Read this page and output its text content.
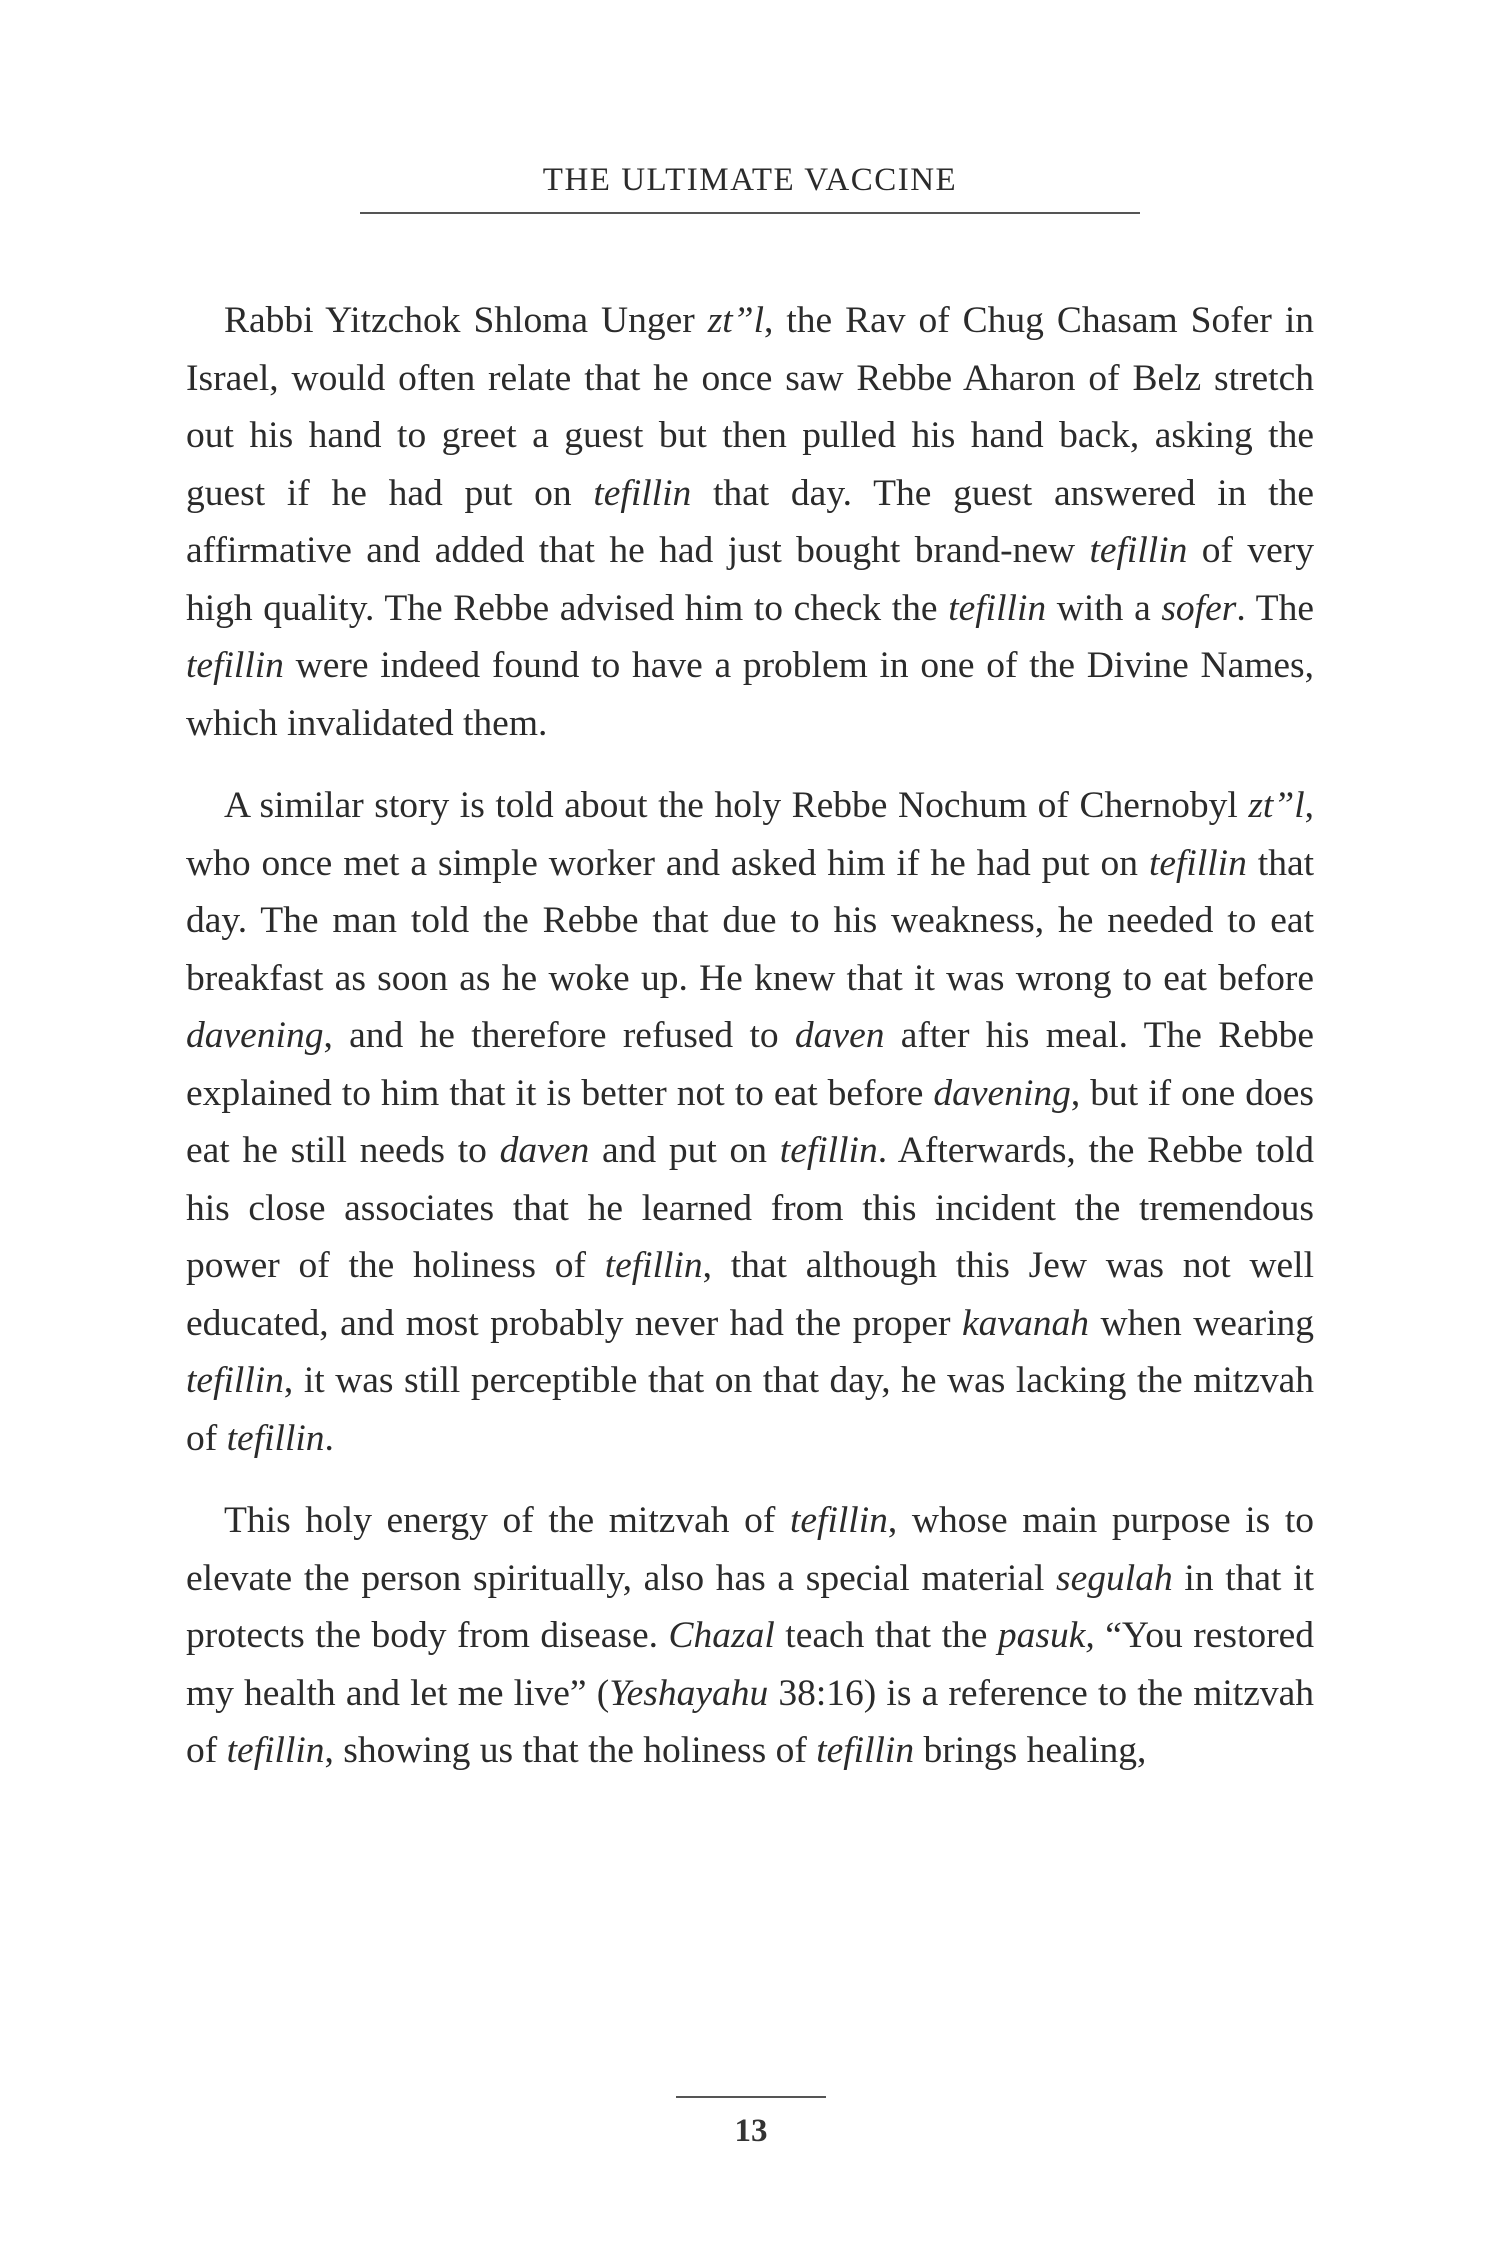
THE ULTIMATE VACCINE

Rabbi Yitzchok Shloma Unger zt”l, the Rav of Chug Chasam Sofer in Israel, would often relate that he once saw Rebbe Aharon of Belz stretch out his hand to greet a guest but then pulled his hand back, asking the guest if he had put on tefillin that day. The guest answered in the affirmative and added that he had just bought brand-new tefillin of very high quality. The Rebbe advised him to check the tefillin with a sofer. The tefillin were indeed found to have a problem in one of the Divine Names, which invalidated them.

A similar story is told about the holy Rebbe Nochum of Chernobyl zt”l, who once met a simple worker and asked him if he had put on tefillin that day. The man told the Rebbe that due to his weakness, he needed to eat breakfast as soon as he woke up. He knew that it was wrong to eat before davening, and he therefore refused to daven after his meal. The Rebbe explained to him that it is better not to eat before davening, but if one does eat he still needs to daven and put on tefillin. Afterwards, the Rebbe told his close associates that he learned from this incident the tremendous power of the holiness of tefillin, that although this Jew was not well educated, and most probably never had the proper kavanah when wearing tefillin, it was still perceptible that on that day, he was lacking the mitzvah of tefillin.

This holy energy of the mitzvah of tefillin, whose main purpose is to elevate the person spiritually, also has a special material segulah in that it protects the body from disease. Chazal teach that the pasuk, “You restored my health and let me live” (Yeshayahu 38:16) is a reference to the mitzvah of tefillin, showing us that the holiness of tefillin brings healing,

13
